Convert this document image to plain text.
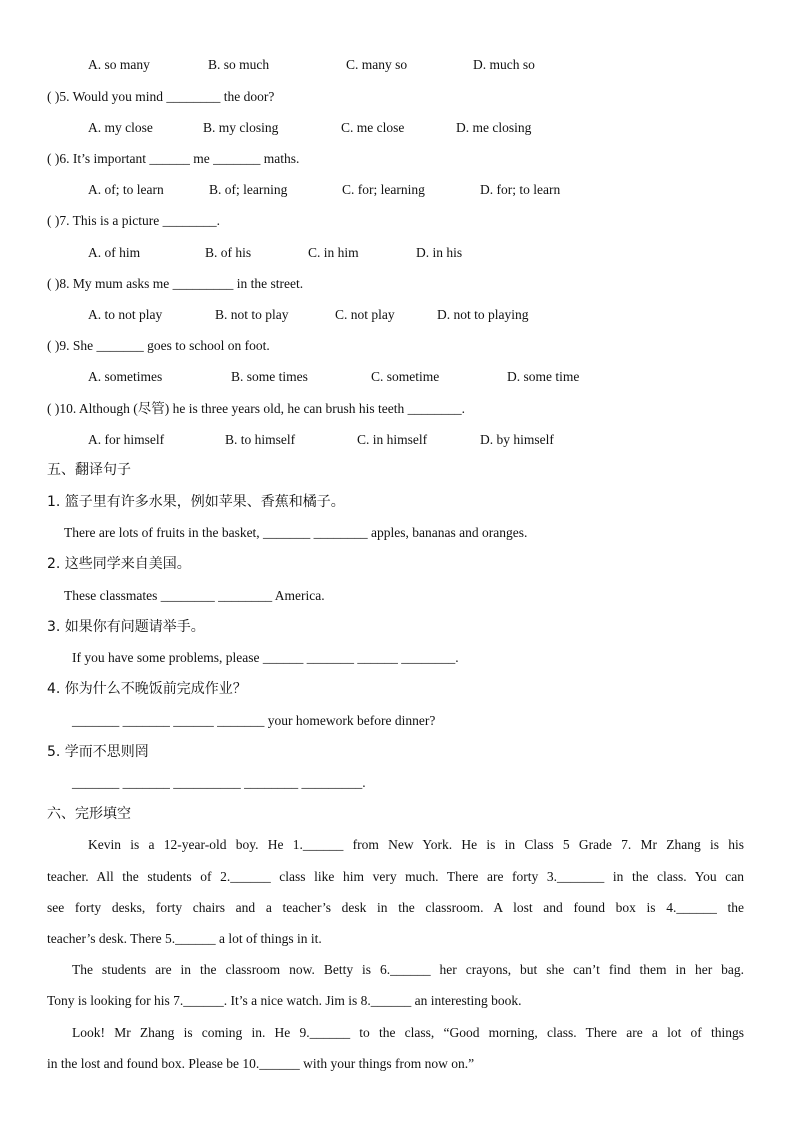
A. so many	B. so much	C. many so	D. much so
( )5. Would you mind ________ the door?
A. my close	B. my closing	C. me close	D. me closing
( )6. It’s important ______ me _______ maths.
A. of; to learn	B. of; learning	C. for; learning	D. for; to learn
( )7. This is a picture ________.
A. of him	B. of his	C. in him	D. in his
( )8. My mum asks me _________ in the street.
A. to not play	B. not to play	C. not play	D. not to playing
( )9. She _______ goes to school on foot.
A. sometimes	B. some times	C. sometime	D. some time
( )10. Although (尽管) he is three years old, he can brush his teeth ________.
A. for himself	B. to himself	C. in himself	D. by himself
五、翻译句子
1. 篮子里有许多水果，例如苹果、香蕉和橘子。
There are lots of fruits in the basket, _______ ________ apples, bananas and oranges.
2. 这些同学来自美国。
These classmates ________ ________ America.
3. 如果你有问题请举手。
If you have some problems, please ______ _______ ______ ________.
4. 你为什么不晚饭前完成作业？
_______ _______ ______ _______ your homework before dinner?
5. 学而不思则罔
_______ _______ __________ ________ _________.
六、完形填空
Kevin is a 12-year-old boy. He 1.______ from New York. He is in Class 5 Grade 7. Mr Zhang is his
teacher. All the students of 2.______ class like him very much. There are forty 3._______ in the class. You can
see forty desks, forty chairs and a teacher’s desk in the classroom. A lost and found box is 4.______ the
teacher’s desk. There 5.______ a lot of things in it.
The students are in the classroom now. Betty is 6.______ her crayons, but she can’t find them in her bag.
Tony is looking for his 7.______. It’s a nice watch. Jim is 8.______ an interesting book.
Look! Mr Zhang is coming in. He 9.______ to the class, “Good morning, class. There are a lot of things
in the lost and found box. Please be 10.______ with your things from now on.”
